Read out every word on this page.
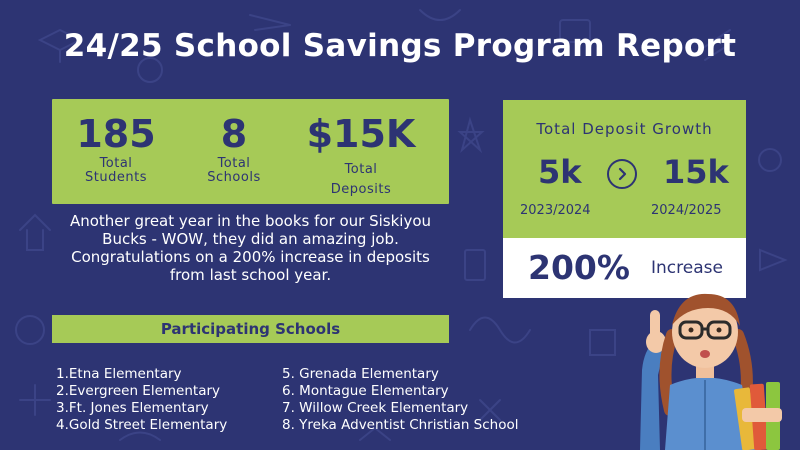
24/25 School Savings Program Report
185
Total
Students
8
Total
Schools
$15K
Total
Deposits
Another great year in the books for our Siskiyou Bucks - WOW, they did an amazing job. Congratulations on a 200% increase in deposits from last school year.
Participating Schools
1.Etna Elementary
2.Evergreen Elementary
3.Ft. Jones Elementary
4.Gold Street Elementary
5. Grenada Elementary
6. Montague Elementary
7. Willow Creek Elementary
8. Yreka Adventist Christian School
Total Deposit Growth
5k	15k
2023/2024	2024/2025
200% Increase
